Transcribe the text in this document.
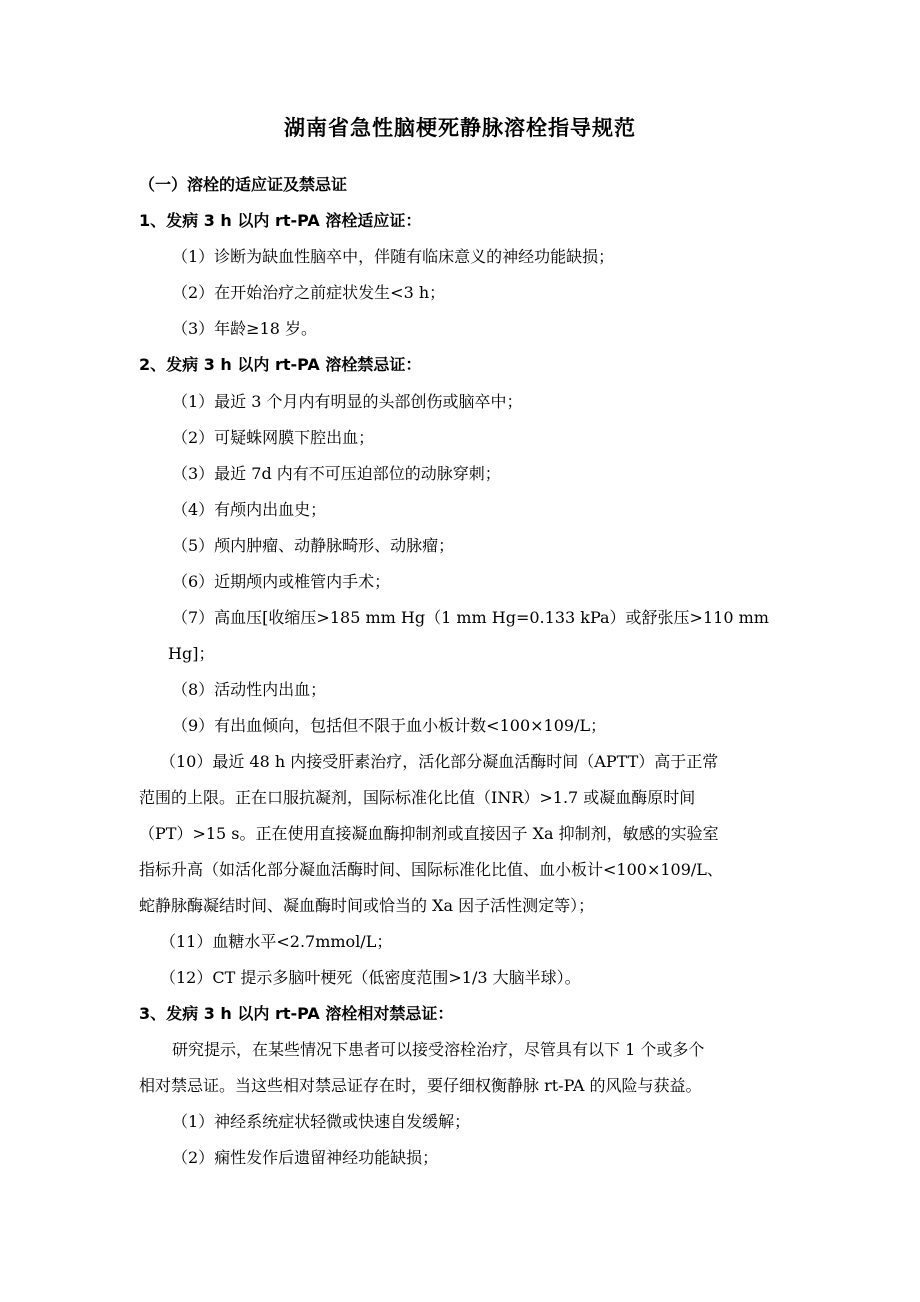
湖南省急性脑梗死静脉溶栓指导规范
（一）溶栓的适应证及禁忌证
1、发病 3 h 以内 rt-PA 溶栓适应证：
（1）诊断为缺血性脑卒中，伴随有临床意义的神经功能缺损；
（2）在开始治疗之前症状发生<3 h；
（3）年龄≥18 岁。
2、发病 3 h 以内 rt-PA 溶栓禁忌证：
（1）最近 3 个月内有明显的头部创伤或脑卒中；
（2）可疑蛛网膜下腔出血；
（3）最近 7d 内有不可压迫部位的动脉穿刺；
（4）有颅内出血史；
（5）颅内肿瘤、动静脉畸形、动脉瘤；
（6）近期颅内或椎管内手术；
（7）高血压[收缩压>185 mm Hg（1 mm Hg=0.133 kPa）或舒张压>110 mm
Hg]；
（8）活动性内出血；
（9）有出血倾向，包括但不限于血小板计数<100×109/L；
（10）最近 48 h 内接受肝素治疗，活化部分凝血活酶时间（APTT）高于正常
范围的上限。正在口服抗凝剂，国际标准化比值（INR）>1.7 或凝血酶原时间
（PT）>15 s。正在使用直接凝血酶抑制剂或直接因子 Xa 抑制剂，敏感的实验室
指标升高（如活化部分凝血活酶时间、国际标准化比值、血小板计<100×109/L、
蛇静脉酶凝结时间、凝血酶时间或恰当的 Xa 因子活性测定等）；
（11）血糖水平<2.7mmol/L；
（12）CT 提示多脑叶梗死（低密度范围>1/3 大脑半球）。
3、发病 3 h 以内 rt-PA 溶栓相对禁忌证：
研究提示，在某些情况下患者可以接受溶栓治疗，尽管具有以下 1 个或多个
相对禁忌证。当这些相对禁忌证存在时，要仔细权衡静脉 rt-PA 的风险与获益。
（1）神经系统症状轻微或快速自发缓解；
（2）痫性发作后遗留神经功能缺损；
